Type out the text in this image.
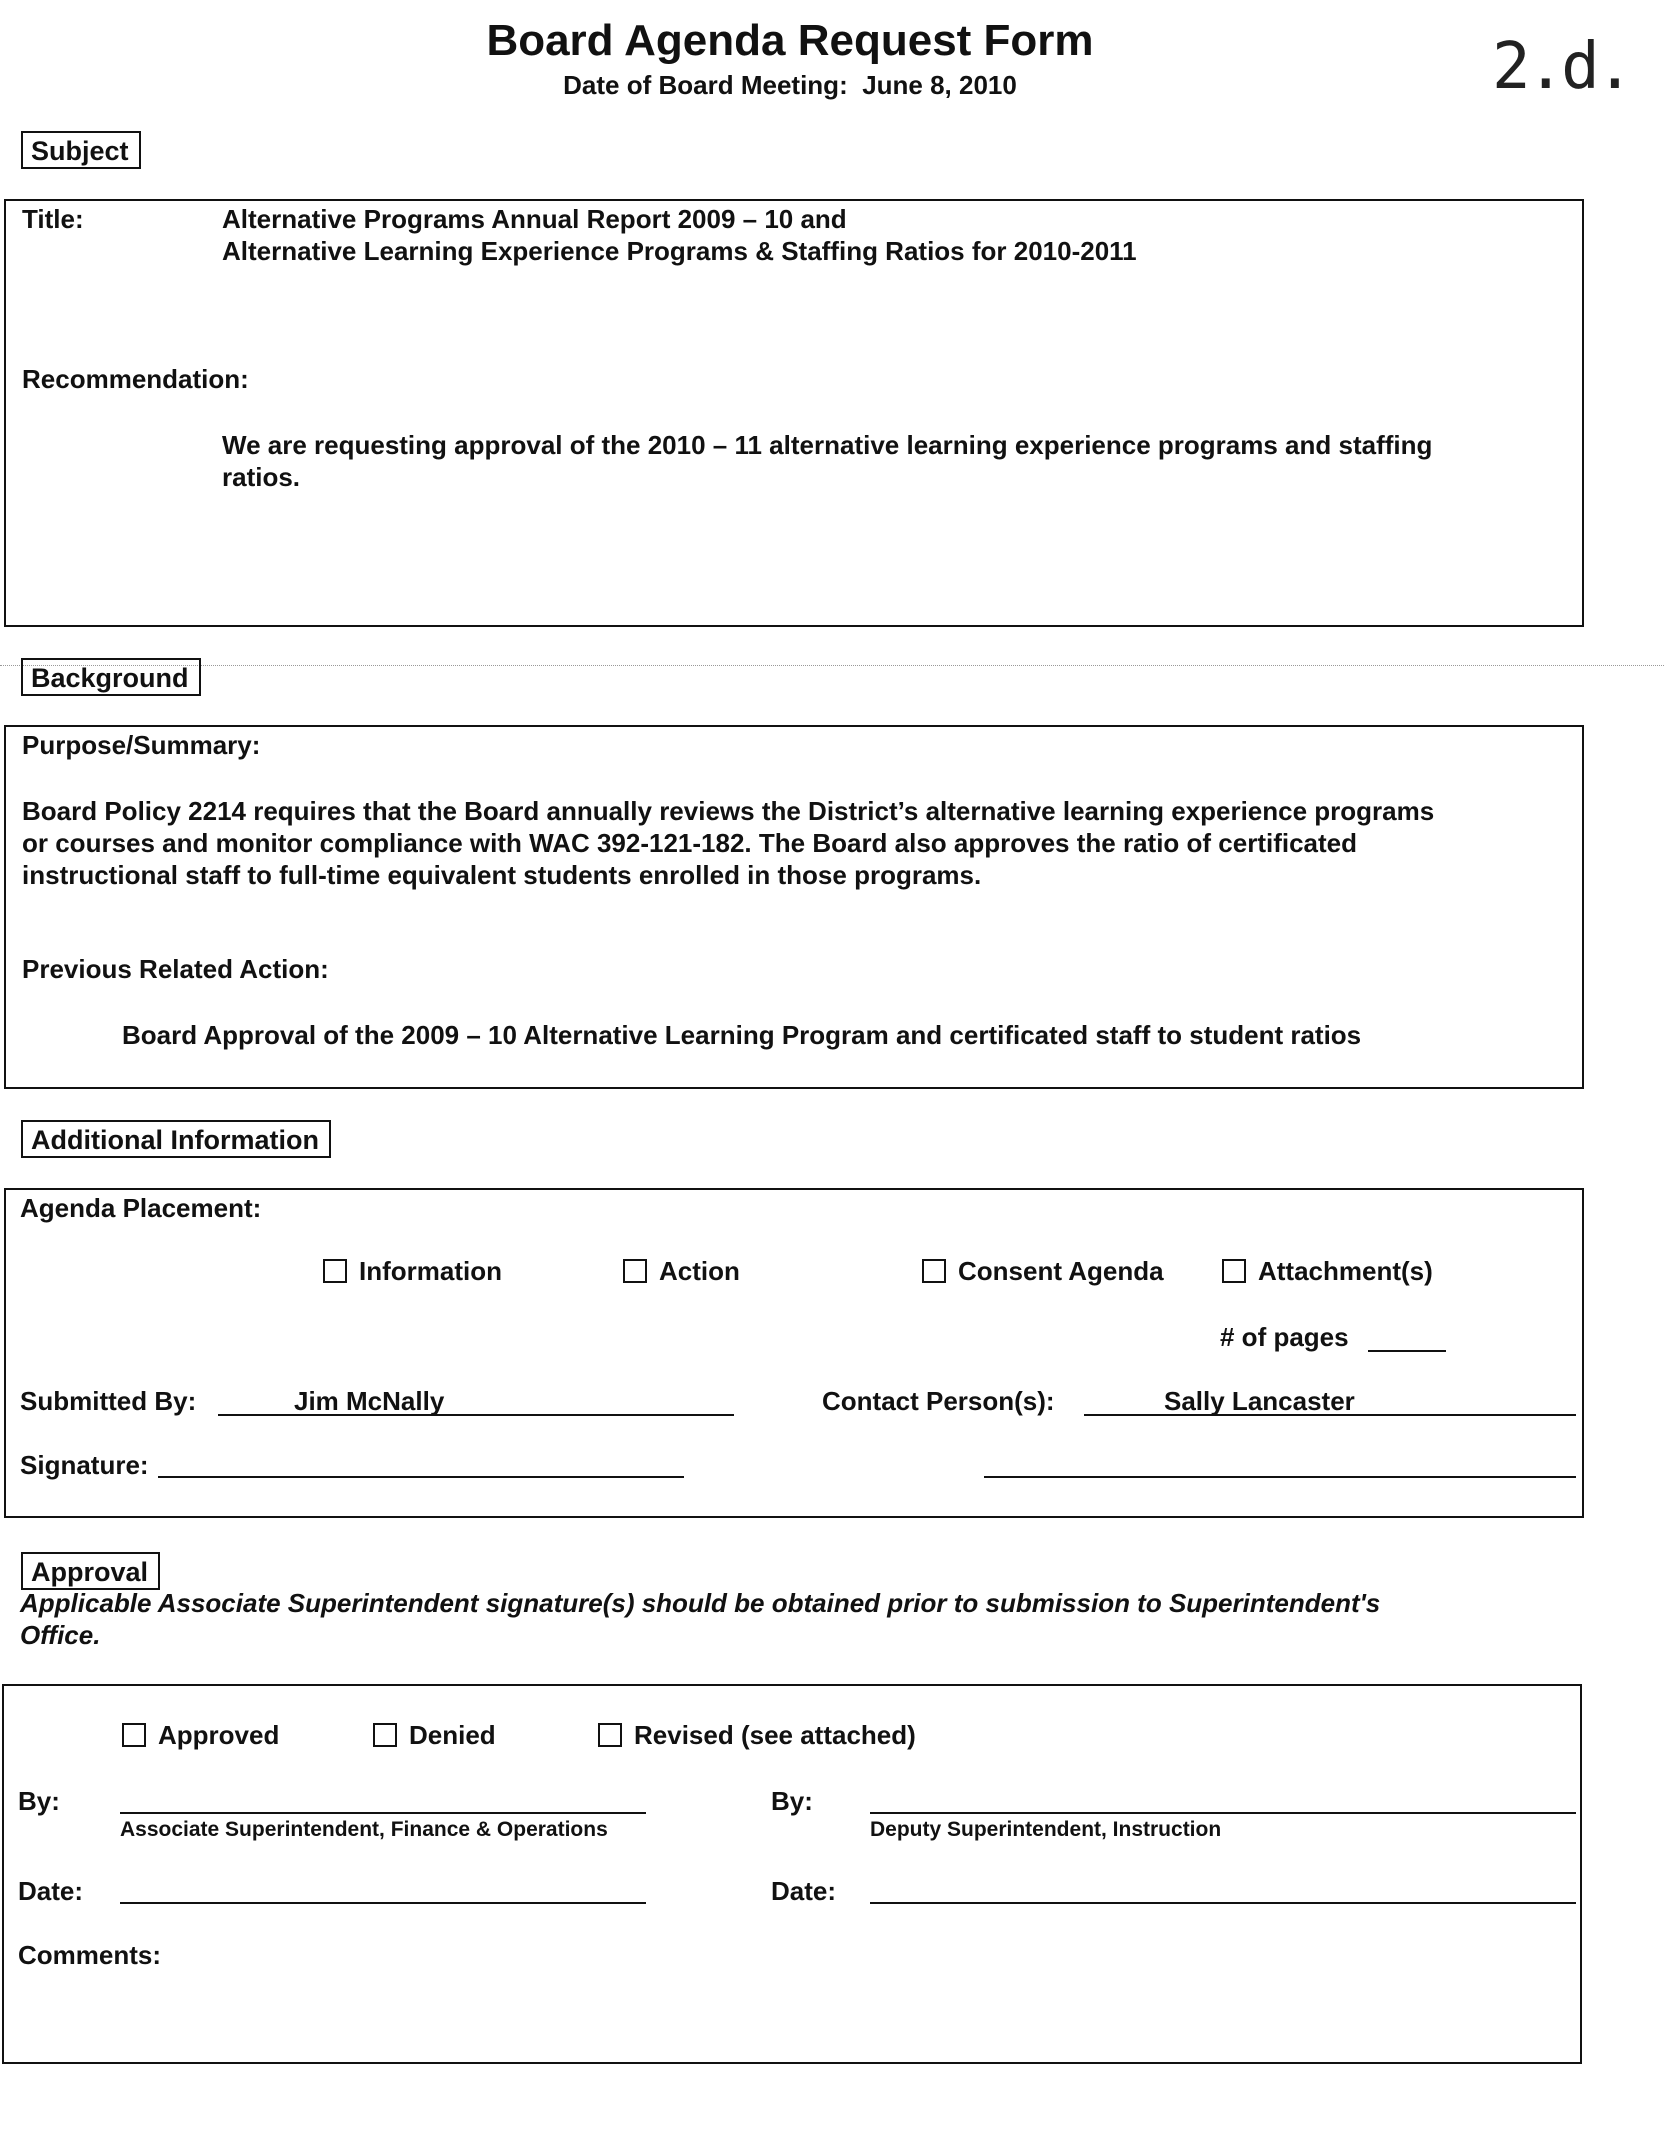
Board Agenda Request Form
Date of Board Meeting: June 8, 2010	2.d.
Subject
Title:	Alternative Programs Annual Report 2009 – 10 and
Alternative Learning Experience Programs & Staffing Ratios for 2010-2011
Recommendation:
We are requesting approval of the 2010 – 11 alternative learning experience programs and staffing
ratios.
Background
Purpose/Summary:
Board Policy 2214 requires that the Board annually reviews the District’s alternative learning experience programs
or courses and monitor compliance with WAC 392-121-182. The Board also approves the ratio of certificated
instructional staff to full-time equivalent students enrolled in those programs.
Previous Related Action:
Board Approval of the 2009 – 10 Alternative Learning Program and certificated staff to student ratios
Additional Information
Agenda Placement:
Information	Action	Consent Agenda	Attachment(s)
# of pages
Submitted By:	Jim McNally	Contact Person(s):	Sally Lancaster
Signature:
Approval
Applicable Associate Superintendent signature(s) should be obtained prior to submission to Superintendent's
Office.
Approved	Denied	Revised (see attached)
By:
Associate Superintendent, Finance & Operations
By:
Deputy Superintendent, Instruction
Date:	Date:
Comments:
